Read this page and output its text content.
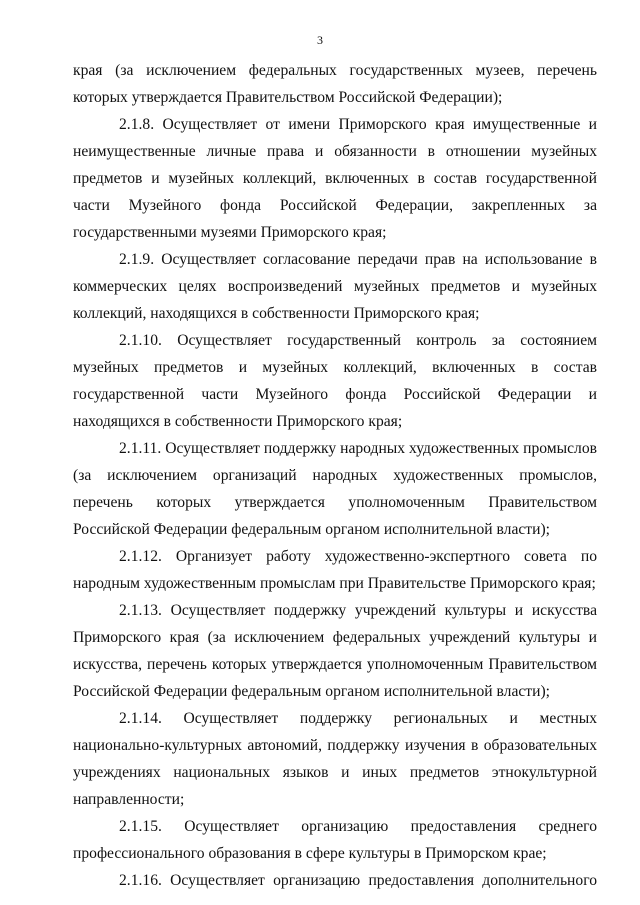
3

края (за исключением федеральных государственных музеев, перечень которых утверждается Правительством Российской Федерации);

2.1.8. Осуществляет от имени Приморского края имущественные и неимущественные личные права и обязанности в отношении музейных предметов и музейных коллекций, включенных в состав государственной части Музейного фонда Российской Федерации, закрепленных за государственными музеями Приморского края;

2.1.9. Осуществляет согласование передачи прав на использование в коммерческих целях воспроизведений музейных предметов и музейных коллекций, находящихся в собственности Приморского края;

2.1.10. Осуществляет государственный контроль за состоянием музейных предметов и музейных коллекций, включенных в состав государственной части Музейного фонда Российской Федерации и находящихся в собственности Приморского края;

2.1.11. Осуществляет поддержку народных художественных промыслов (за исключением организаций народных художественных промыслов, перечень которых утверждается уполномоченным Правительством Российской Федерации федеральным органом исполнительной власти);

2.1.12. Организует работу художественно-экспертного совета по народным художественным промыслам при Правительстве Приморского края;

2.1.13. Осуществляет поддержку учреждений культуры и искусства Приморского края (за исключением федеральных учреждений культуры и искусства, перечень которых утверждается уполномоченным Правительством Российской Федерации федеральным органом исполнительной власти);

2.1.14. Осуществляет поддержку региональных и местных национально-культурных автономий, поддержку изучения в образовательных учреждениях национальных языков и иных предметов этнокультурной направленности;

2.1.15. Осуществляет организацию предоставления среднего профессионального образования в сфере культуры в Приморском крае;

2.1.16. Осуществляет организацию предоставления дополнительного
